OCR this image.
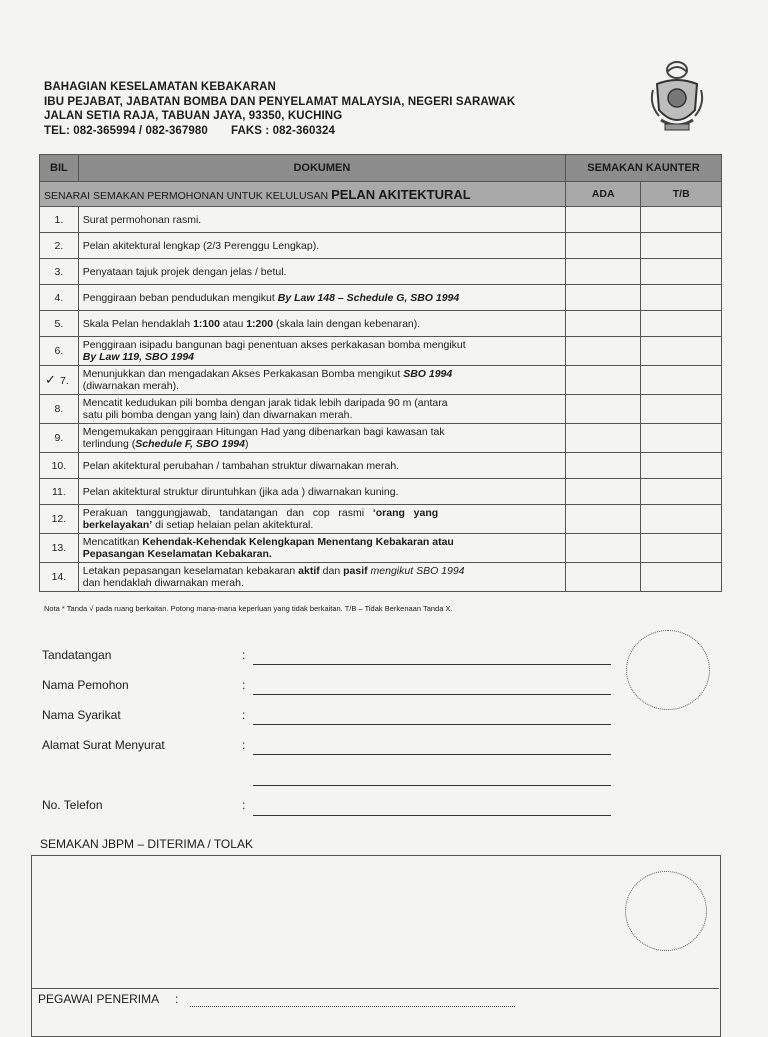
BAHAGIAN KESELAMATAN KEBAKARAN
IBU PEJABAT, JABATAN BOMBA DAN PENYELAMAT MALAYSIA, NEGERI SARAWAK
JALAN SETIA RAJA, TABUAN JAYA, 93350, KUCHING
TEL: 082-365994 / 082-367980       FAKS : 082-360324
BIL	DOKUMEN	SEMAKAN KAUNTER	
SENARAI SEMAKAN PERMOHONAN UNTUK KELULUSAN PELAN AKITEKTURAL		ADA	T/B
1.	Surat permohonan rasmi.		
2.	Pelan akitektural lengkap (2/3 Perenggu Lengkap).		
3.	Penyataan tajuk projek dengan jelas / betul.		
4.	Penggiraan beban pendudukan mengikut By Law 148 – Schedule G, SBO 1994		
5.	Skala Pelan hendaklah 1:100 atau 1:200 (skala lain dengan kebenaran).		
6.	Penggiraan isipadu bangunan bagi penentuan akses perkakasan bomba mengikut
By Law 119, SBO 1994		
✓ 7.	Menunjukkan dan mengadakan Akses Perkakasan Bomba mengikut SBO 1994
(diwarnakan merah).		
8.	Mencatit kedudukan pili bomba dengan jarak tidak lebih daripada 90 m (antara
satu pili bomba dengan yang lain) dan diwarnakan merah.		
9.	Mengemukakan penggiraan Hitungan Had yang dibenarkan bagi kawasan tak
terlindung (Schedule F, SBO 1994)		
10.	Pelan akitektural perubahan / tambahan struktur diwarnakan merah.		
11.	Pelan akitektural struktur diruntuhkan (jika ada ) diwarnakan kuning.		
12.	Perakuan   tanggungjawab,   tandatangan   dan   cop   rasmi   ‘orang   yang
berkelayakan’ di setiap helaian pelan akitektural.		
13.	Mencatitkan Kehendak-Kehendak Kelengkapan Menentang Kebakaran atau
Pepasangan Keselamatan Kebakaran.		
14.	Letakan pepasangan keselamatan kebakaran aktif dan pasif mengikut SBO 1994
dan hendaklah diwarnakan merah.		
Nota * Tanda √ pada ruang berkaitan. Potong mana-mana keperluan yang tidak berkaitan. T/B – Tidak Berkenaan Tanda X.
Tandatangan	:
Nama Pemohon	:
Nama Syarikat	:
Alamat Surat Menyurat	:
No. Telefon	:
SEMAKAN JBPM – DITERIMA / TOLAK
PEGAWAI PENERIMA :
